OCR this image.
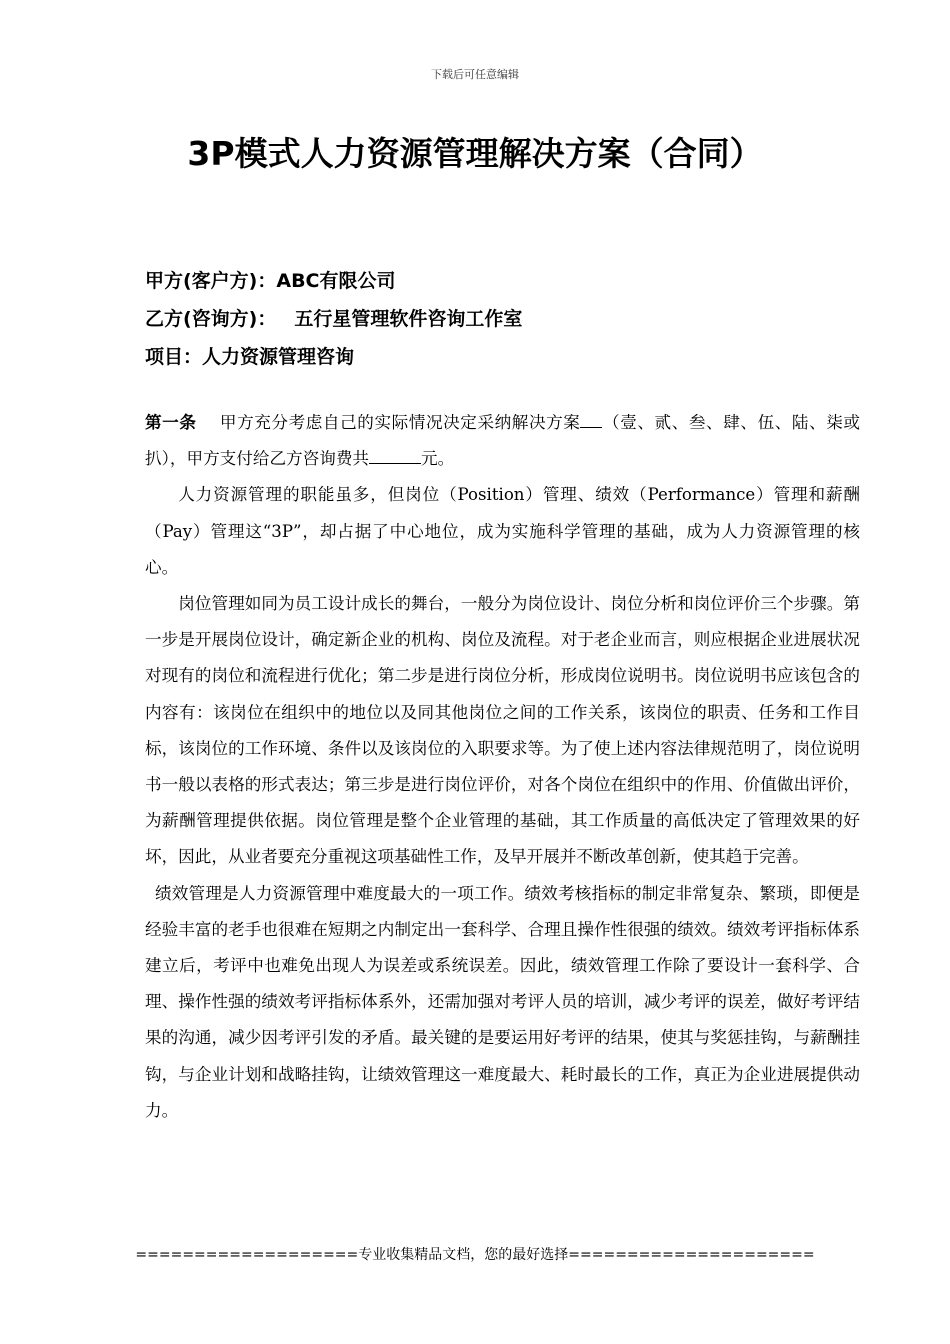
下载后可任意编辑
3P模式人力资源管理解决方案（合同）
甲方(客户方)：ABC有限公司
乙方(咨询方)： 五行星管理软件咨询工作室
项目：人力资源管理咨询

第一条 甲方充分考虑自己的实际情况决定采纳解决方案 （壹、贰、叁、肆、伍、陆、柒或扒），甲方支付给乙方咨询费共	元。

人力资源管理的职能虽多，但岗位（Position）管理、绩效（Performance）管理和薪酬（Pay）管理这“3P”，却占据了中心地位，成为实施科学管理的基础，成为人力资源管理的核心。

岗位管理如同为员工设计成长的舞台，一般分为岗位设计、岗位分析和岗位评价三个步骤。第一步是开展岗位设计，确定新企业的机构、岗位及流程。对于老企业而言，则应根据企业进展状况对现有的岗位和流程进行优化；第二步是进行岗位分析，形成岗位说明书。岗位说明书应该包含的内容有：该岗位在组织中的地位以及同其他岗位之间的工作关系，该岗位的职责、任务和工作目标，该岗位的工作环境、条件以及该岗位的入职要求等。为了使上述内容法律规范明了，岗位说明书一般以表格的形式表达；第三步是进行岗位评价，对各个岗位在组织中的作用、价值做出评价，为薪酬管理提供依据。岗位管理是整个企业管理的基础，其工作质量的高低决定了管理效果的好坏，因此，从业者要充分重视这项基础性工作，及早开展并不断改革创新，使其趋于完善。

绩效管理是人力资源管理中难度最大的一项工作。绩效考核指标的制定非常复杂、繁琐，即便是经验丰富的老手也很难在短期之内制定出一套科学、合理且操作性很强的绩效。绩效考评指标体系建立后，考评中也难免出现人为误差或系统误差。因此，绩效管理工作除了要设计一套科学、合理、操作性强的绩效考评指标体系外，还需加强对考评人员的培训，减少考评的误差，做好考评结果的沟通，减少因考评引发的矛盾。最关键的是要运用好考评的结果，使其与奖惩挂钩，与薪酬挂钩，与企业计划和战略挂钩，让绩效管理这一难度最大、耗时最长的工作，真正为企业进展提供动力。

===================专业收集精品文档，您的最好选择=====================
